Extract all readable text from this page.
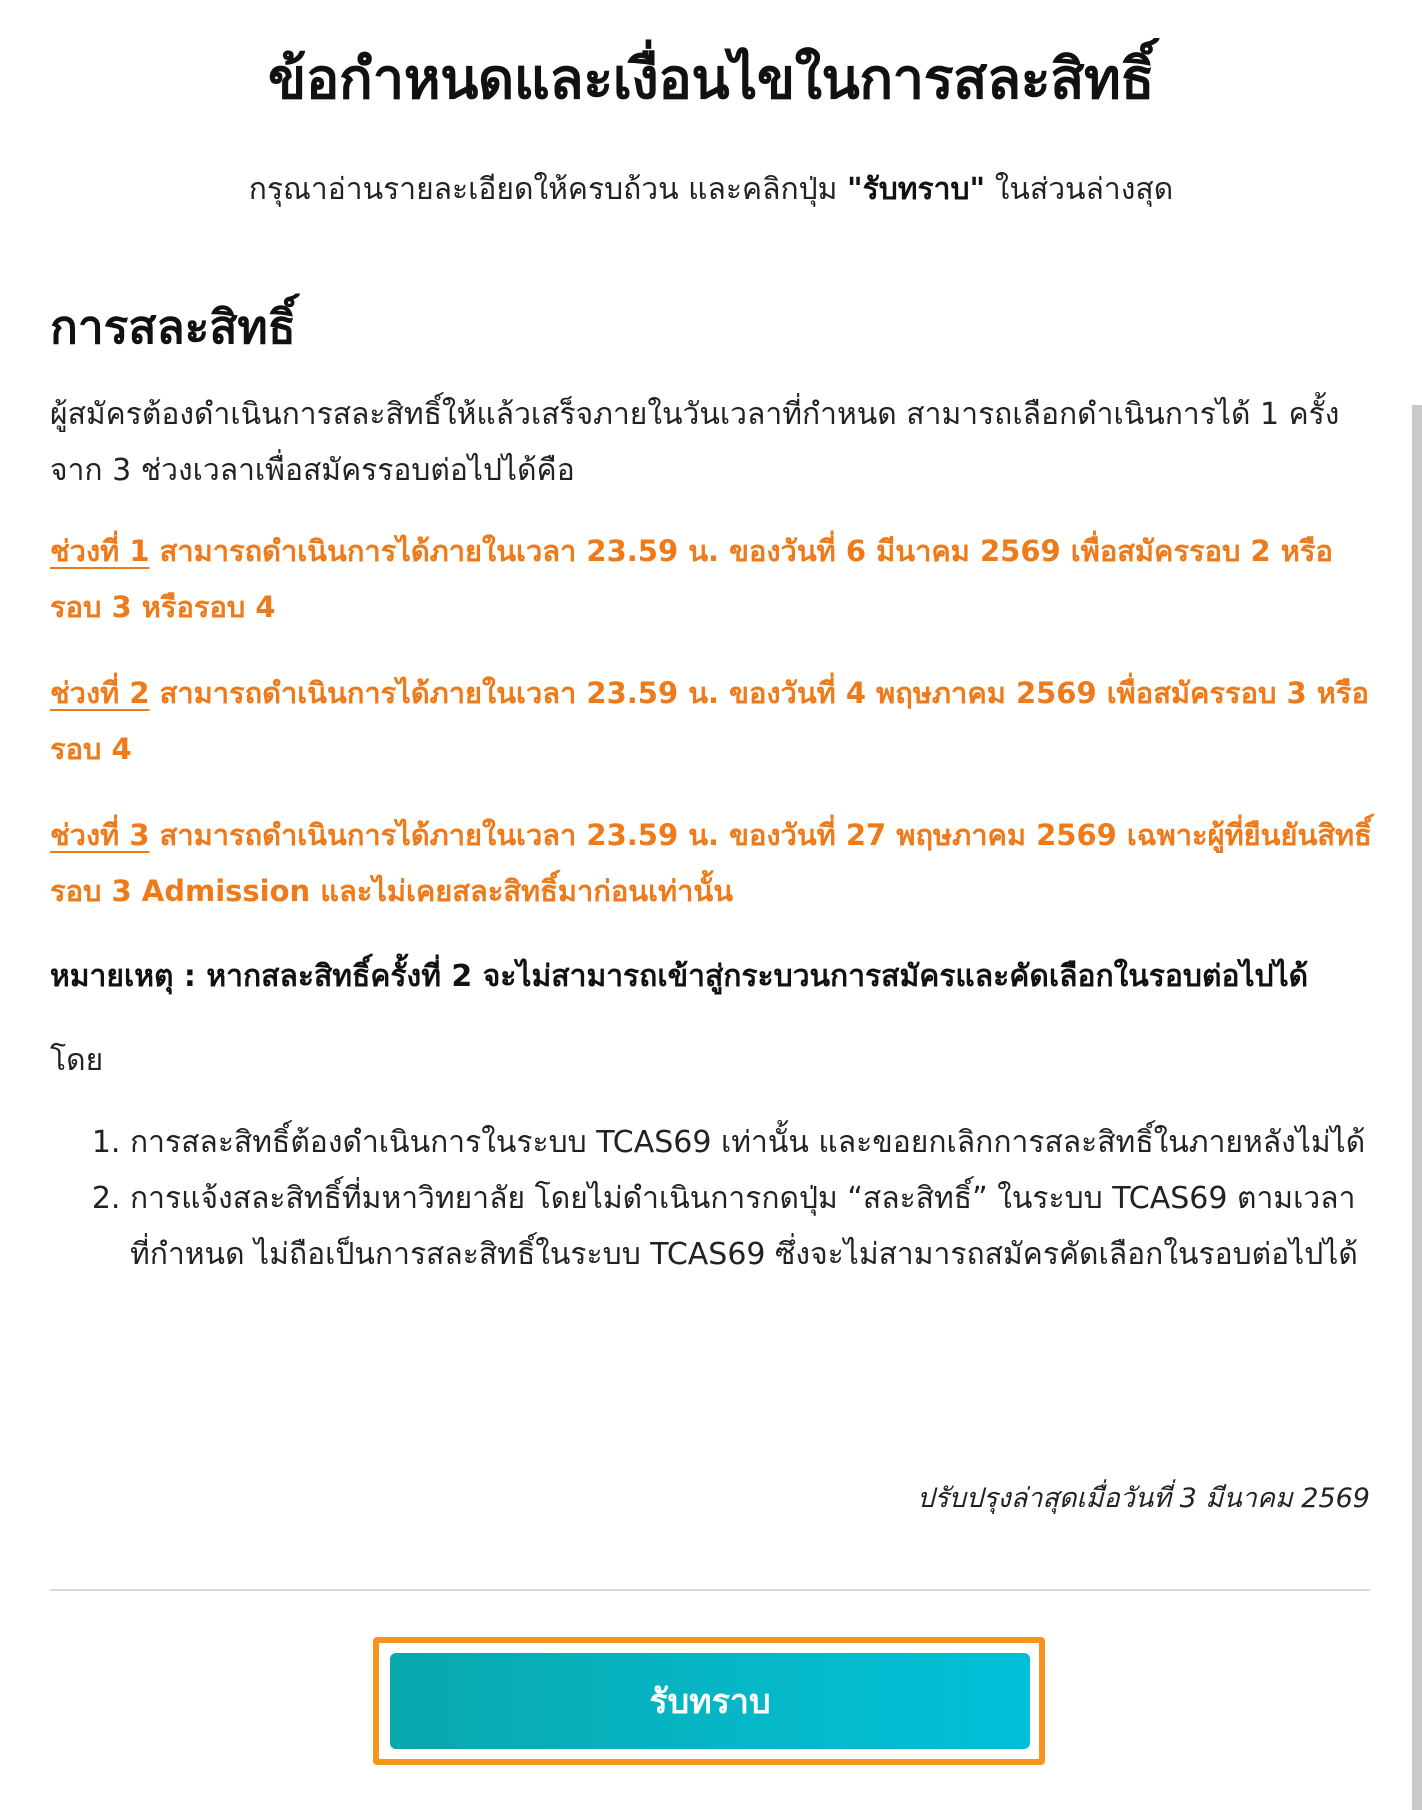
ข้อกำหนดและเงื่อนไขในการสละสิทธิ์
กรุณาอ่านรายละเอียดให้ครบถ้วน และคลิกปุ่ม "รับทราบ" ในส่วนล่างสุด
การสละสิทธิ์

ผู้สมัครต้องดำเนินการสละสิทธิ์ให้แล้วเสร็จภายในวันเวลาที่กำหนด สามารถเลือกดำเนินการได้ 1 ครั้งจาก 3 ช่วงเวลาเพื่อสมัครรอบต่อไปได้คือ

ช่วงที่ 1 สามารถดำเนินการได้ภายในเวลา 23.59 น. ของวันที่ 6 มีนาคม 2569 เพื่อสมัครรอบ 2 หรือรอบ 3 หรือรอบ 4

ช่วงที่ 2 สามารถดำเนินการได้ภายในเวลา 23.59 น. ของวันที่ 4 พฤษภาคม 2569 เพื่อสมัครรอบ 3 หรือรอบ 4

ช่วงที่ 3 สามารถดำเนินการได้ภายในเวลา 23.59 น. ของวันที่ 27 พฤษภาคม 2569 เฉพาะผู้ที่ยืนยันสิทธิ์รอบ 3 Admission และไม่เคยสละสิทธิ์มาก่อนเท่านั้น

หมายเหตุ : หากสละสิทธิ์ครั้งที่ 2 จะไม่สามารถเข้าสู่กระบวนการสมัครและคัดเลือกในรอบต่อไปได้

โดย

1. การสละสิทธิ์ต้องดำเนินการในระบบ TCAS69 เท่านั้น และขอยกเลิกการสละสิทธิ์ในภายหลังไม่ได้
2. การแจ้งสละสิทธิ์ที่มหาวิทยาลัย โดยไม่ดำเนินการกดปุ่ม “สละสิทธิ์” ในระบบ TCAS69 ตามเวลาที่กำหนด ไม่ถือเป็นการสละสิทธิ์ในระบบ TCAS69 ซึ่งจะไม่สามารถสมัครคัดเลือกในรอบต่อไปได้
ปรับปรุงล่าสุดเมื่อวันที่ 3 มีนาคม 2569
รับทราบ
